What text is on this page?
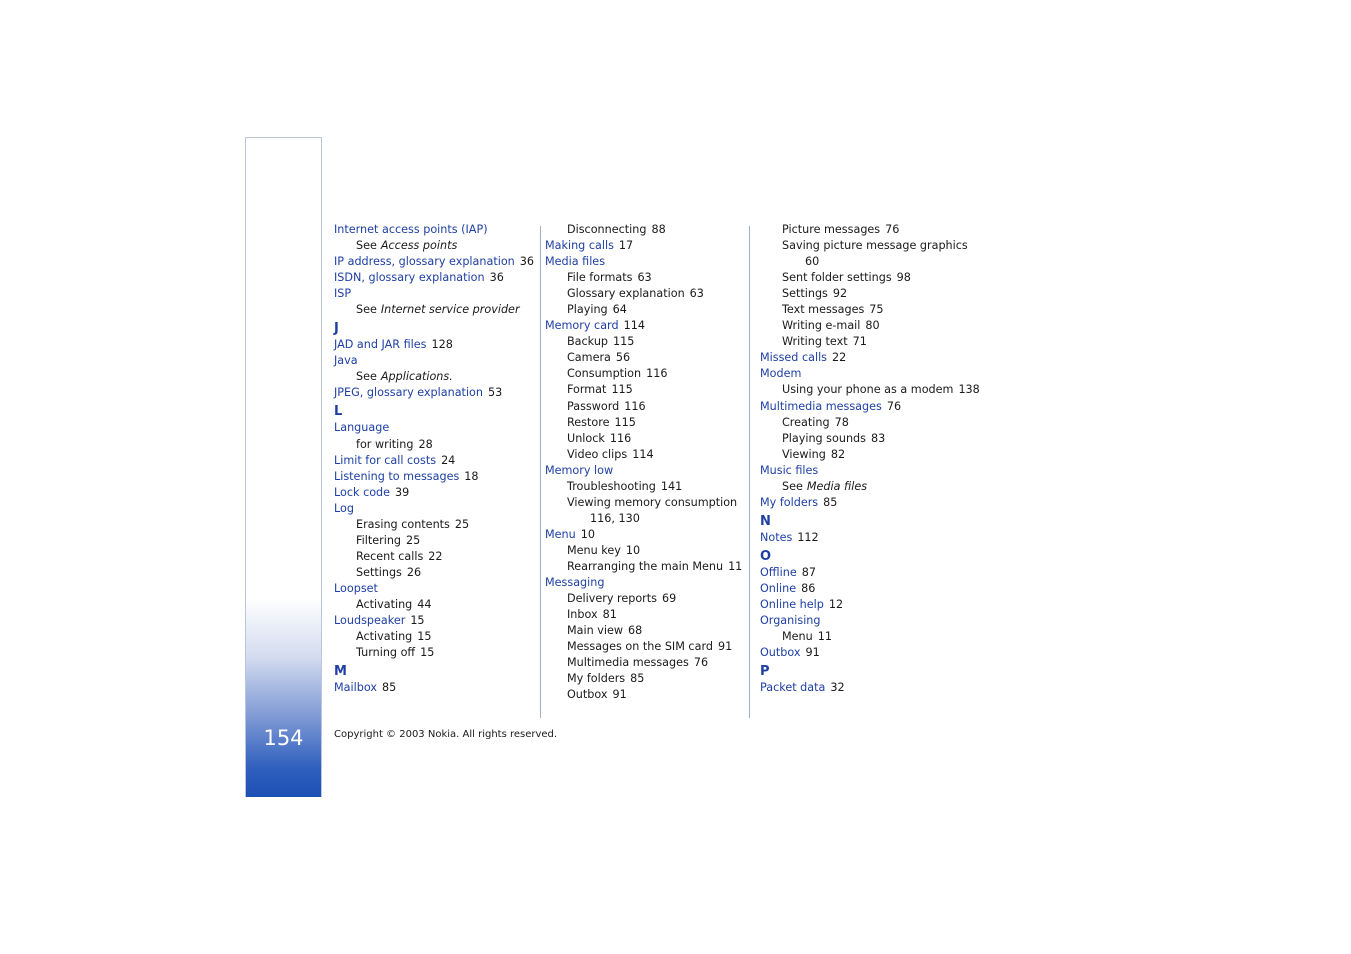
154
Internet access points (IAP)
See Access points
IP address, glossary explanation 36
ISDN, glossary explanation 36
ISP
See Internet service provider
J
JAD and JAR files 128
Java
See Applications.
JPEG, glossary explanation 53
L
Language
for writing 28
Limit for call costs 24
Listening to messages 18
Lock code 39
Log
Erasing contents 25
Filtering 25
Recent calls 22
Settings 26
Loopset
Activating 44
Loudspeaker 15
Activating 15
Turning off 15
M
Mailbox 85
Disconnecting 88
Making calls 17
Media files
File formats 63
Glossary explanation 63
Playing 64
Memory card 114
Backup 115
Camera 56
Consumption 116
Format 115
Password 116
Restore 115
Unlock 116
Video clips 114
Memory low
Troubleshooting 141
Viewing memory consumption
116, 130
Menu 10
Menu key 10
Rearranging the main Menu 11
Messaging
Delivery reports 69
Inbox 81
Main view 68
Messages on the SIM card 91
Multimedia messages 76
My folders 85
Outbox 91
Picture messages 76
Saving picture message graphics
60
Sent folder settings 98
Settings 92
Text messages 75
Writing e-mail 80
Writing text 71
Missed calls 22
Modem
Using your phone as a modem 138
Multimedia messages 76
Creating 78
Playing sounds 83
Viewing 82
Music files
See Media files
My folders 85
N
Notes 112
O
Offline 87
Online 86
Online help 12
Organising
Menu 11
Outbox 91
P
Packet data 32
Copyright © 2003 Nokia. All rights reserved.
